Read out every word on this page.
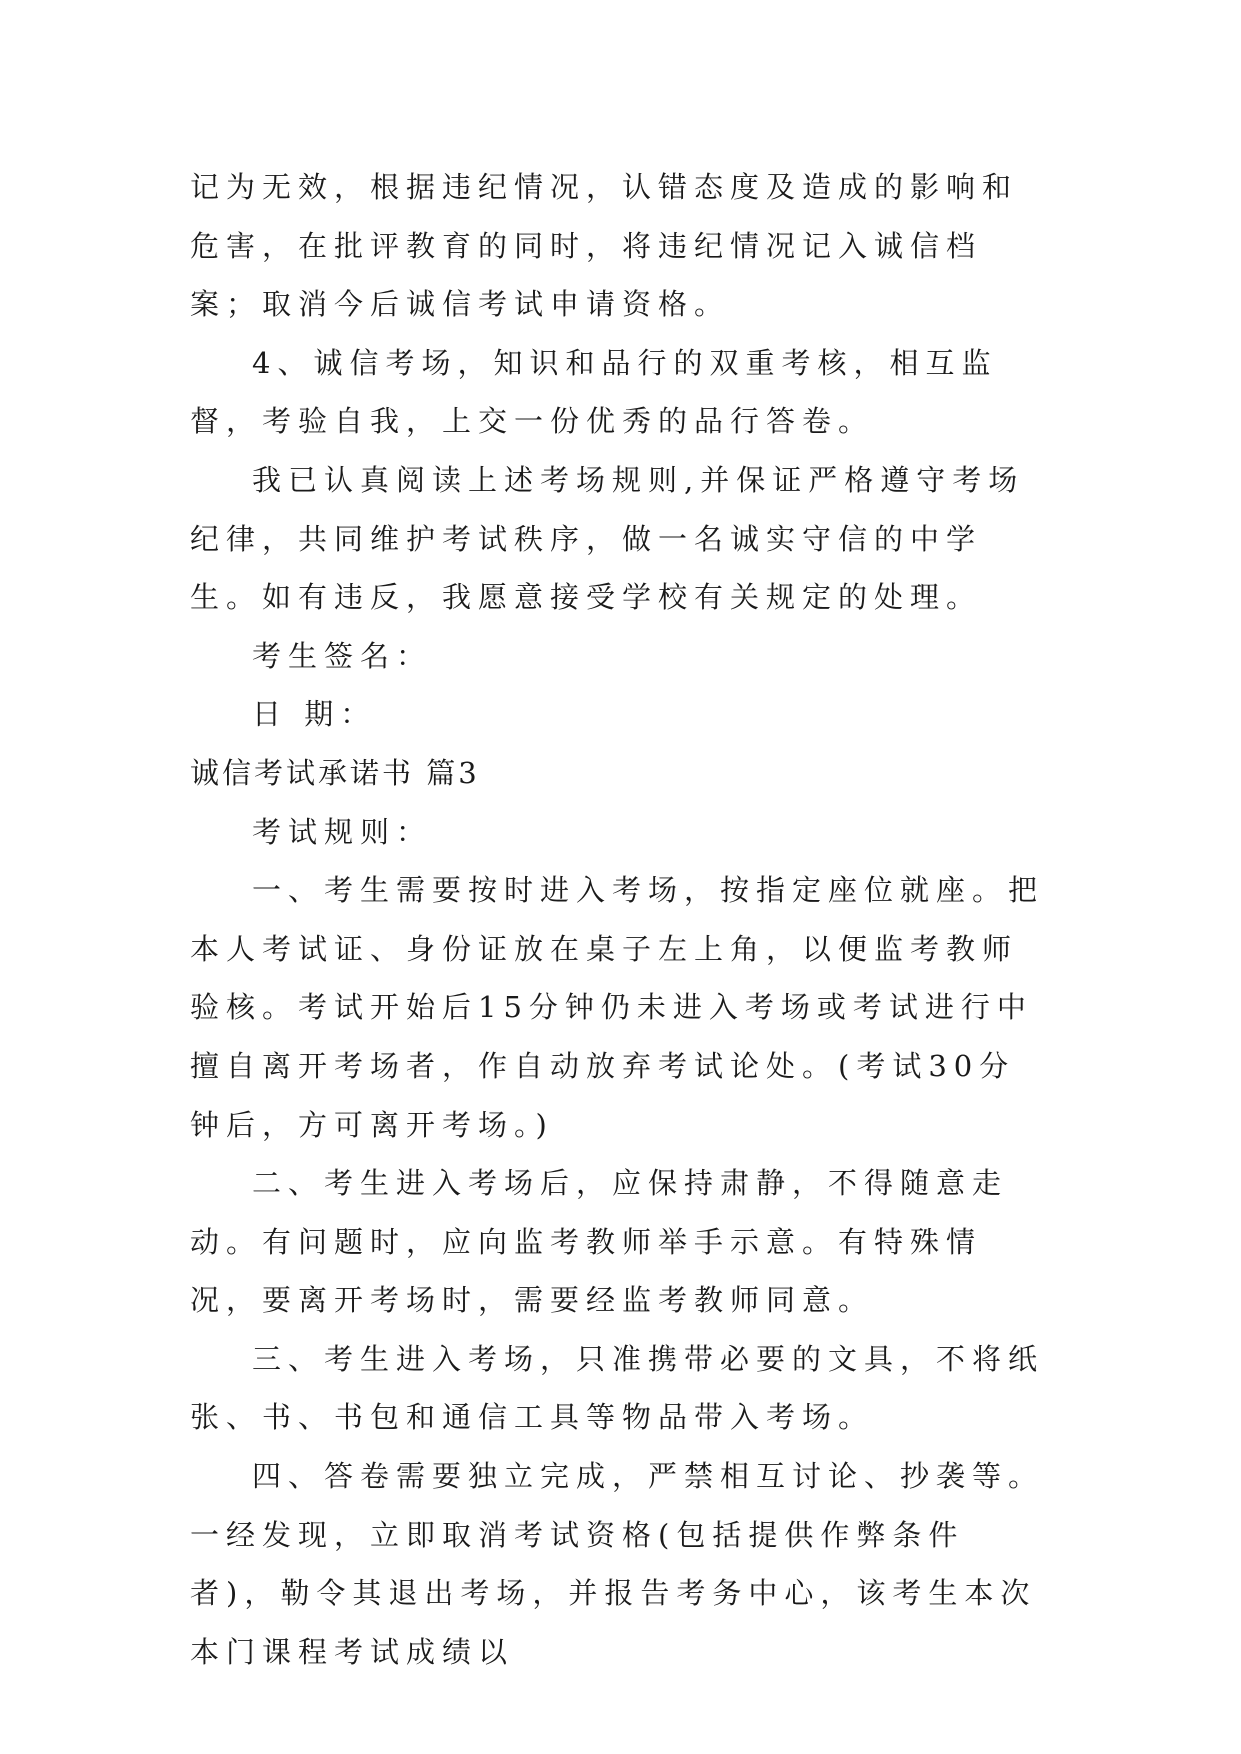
记为无效，根据违纪情况，认错态度及造成的影响和危害，在批评教育的同时，将违纪情况记入诚信档案；取消今后诚信考试申请资格。

4、诚信考场，知识和品行的双重考核，相互监督，考验自我，上交一份优秀的品行答卷。

我已认真阅读上述考场规则,并保证严格遵守考场纪律，共同维护考试秩序，做一名诚实守信的中学生。如有违反，我愿意接受学校有关规定的处理。

考生签名：

日 期：

诚信考试承诺书 篇3

考试规则：

一、考生需要按时进入考场，按指定座位就座。把本人考试证、身份证放在桌子左上角，以便监考教师验核。考试开始后15分钟仍未进入考场或考试进行中擅自离开考场者，作自动放弃考试论处。(考试30分钟后，方可离开考场。)

二、考生进入考场后，应保持肃静，不得随意走动。有问题时，应向监考教师举手示意。有特殊情况，要离开考场时，需要经监考教师同意。

三、考生进入考场，只准携带必要的文具，不将纸张、书、书包和通信工具等物品带入考场。

四、答卷需要独立完成，严禁相互讨论、抄袭等。一经发现，立即取消考试资格(包括提供作弊条件者)，勒令其退出考场，并报告考务中心，该考生本次本门课程考试成绩以
